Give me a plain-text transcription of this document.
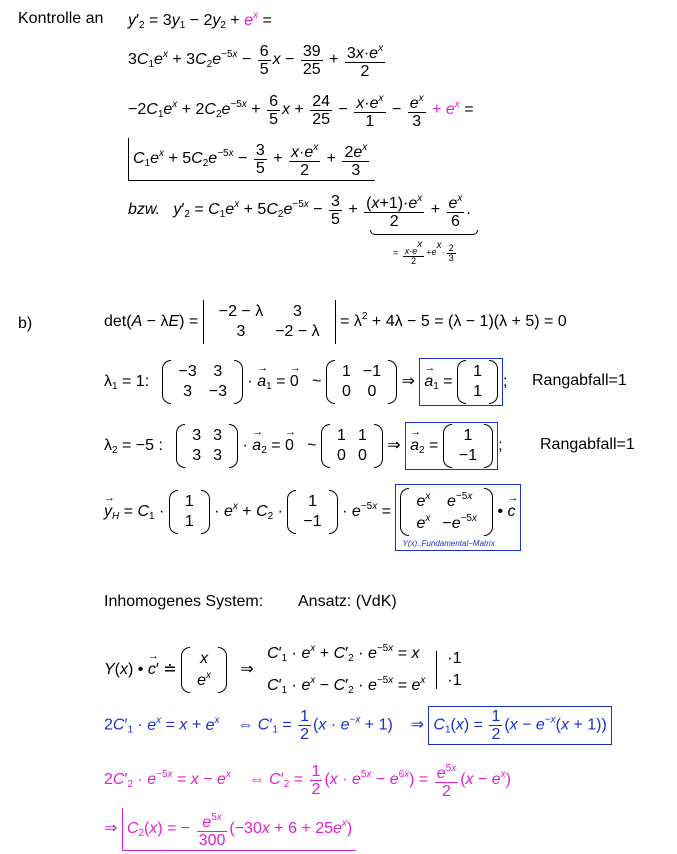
Kontrolle an $y'_2 = 3y_1 - 2y_2 + e^x$ =
$3C_1e^x + 3C_2e^{-5x} - \frac{6}{5}$ $x - \frac{39}{25} + \frac{3x\cdot e^x}{2}$
$-2C_1e^x + 2C_2e^{-5x} + \frac{6}{5}$ $x + \frac{24}{25} - \frac{x\cdot e^x}{1} - \frac{e^x}{3} + e^x$ =
$C_1e^x + 5C_2e^{-5x} - \frac{3}{5} + \frac{x\cdot e^x}{2} + \frac{2e^x}{3}$
bzw. $y'_2 = C_1e^x + 5C_2e^{-5x} - \frac{3}{5} + \frac{(x+1)\cdot e^x}{2} + \frac{e^x}{6}$ .
= $\frac{x\cdot e^x}{2} +e^x\cdot \frac{2}{3}$
b)	det(A − λE) =
−2 − λ	3
3	−2 − λ
= $\lambda^2 + 4\lambda - 5 = (\lambda - 1)(\lambda + 5) = 0$
$\lambda_1 = 1$:
−3	3
3	−3
· → $a_1$ = → 0   ~
1	−1
0	0
⇒ → $a_1$ =
1
1
; Rangabfall=1
$\lambda_2 = -5$ :
3	3
3	3
· → $a_2$ = → 0   ~
1	1
0	0
⇒ → $a_2$ =
1
−1
; Rangabfall=1
→ $y_H = C_1$ ·
1
1
· $e^x + C_2$ ·
1
−1
· $e^{-5x}$ =
$e^x$	$e^{-5x}$
$e^x$	$-e^{-5x}$ • → c
Y(x)..Fundamental−Matrix
Inhomogenes System: Ansatz: (VdK)
Y(x) • → c′ ≐
x
$e^x$ ⇒   $C'_1 \cdot e^x + C'_2 \cdot e^{-5x} = x$
$C'_1 \cdot e^x - C'_2 \cdot e^{-5x} = e^x \cdot 1$
·1
$2C'_1 \cdot e^x = x + e^x$    ⇔ $C'_1 = \frac{1}{2} (x \cdot e^{-x} + 1)$    ⇒ $C_1(x) = \frac{1}{2} (x - e^{-x}(x + 1))$
$2C'_2 \cdot e^{-5x} = x - e^x$    ⇔ $C'_2 = \frac{1}{2} (x \cdot e^{5x} - e^{6x}) = \frac{e^{5x}}{2} (x - e^x)$
⇒ $C_2(x)$ = − $\frac{e^{5x}}{300} (-30x + 6 + 25e^x)$
